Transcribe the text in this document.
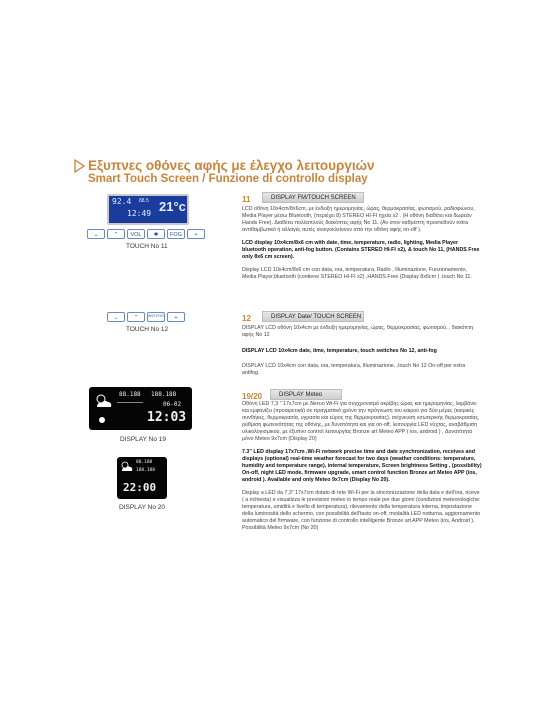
Εξυπνες οθόνες αφής με έλεγχο λειτουργιών
Smart Touch Screen / Funzione di controllo display
92.4 88.5
12:49 21°c
⌄	⌃	VOL	✱	FOG	+
TOUCH No 11
11	DISPLAY FM/TOUCH SCREEN
LCD οθόνη 10x4cm/8x6cm, με ένδειξη ημερομηνίας, ώρας, θερμοκρασίας, φωτισμού, ραδιοφώνου, Media Player μέσω Bluetooth, (περιέχει 8) STEREO HI-FI ηχεία x2 . (Η οθόνη διαθέτει και δωρεάν Hands Free). Διαθέτει πολλαπλούς διακόπτες αφής Νο 11. (Αν στον καθρέπτη προστεθούν extra αντιθαμβωτικό ή αλλαγές αυτές ανοιγοκλείνουν από την οθόνη αφής on-off ).
LCD display 10x4cm/8x6 cm with date, time, temperature, radio, lighting, Media Player bluetooth operation, anti-fog button. (Contains STEREO HI-FI x2), & touch No 11, (HANDS Free only 8x6 cm screen).
Display LCD 10x4cm/8x6 cm con data, ora, temperatura, Radio , Illuminazione, Funzionamento, Media Player,bluetooth (contiene STEREO HI-FI x2) ,HANDS Free (Display 8x6cm ) .touch No 11.
⌄	⌃	ANT-FOG	+
TOUCH No 12
12	DISPLAY Date/ TOUCH SCREEN
DISPLAY LCD οθόνη 10x4cm με ένδειξη ημερομηνίας, ώρας, θερμοκρασίας, φωτισμού, , διακόπτη αφής Νο 12
DISPLAY LCD 10x4cm date, time, temperature, touch switches No 12, anti-fog
DISPLAY LCD 10x4cm con data, ora, temperatura, Illuminazione, ,touch No 12 On-off per extra antifog.
88.188 188.188
06-02
12:03
DISPLAY No 19
88.188
188.188
22:00
DISPLAY No 20
19/20	DISPLAY Meteo
Οθόνη LED 7,3 " 17x7cm με δίκτυο Wi-Fi για συγχρονισμό ακρίβής ώρας και ημερομηνίας, λαμβάνει και εμφανίζει (προαιρετικά) σε πραγματικό χρόνο την πρόγνωση του καιρού για δύο μέρες (καιρικές συνθήκες, θερμοκρασία, υγρασία και εύρος της θερμοκρασίας), ανίχνευση εσωτερικής θερμοκρασίας, ρύθμιση φωτεινότητας της οθόνης, με δυνατότητα και για on-off, λειτουργία LED νύχτας, αναβάθμιση υλικολογισμικού, με έξυπνο control λειτουργίας Bronze art Meteo APP ( ios, android ) , Δυνατότητα μόνο Meteo 9x7cm (Display 20)
7.3" LED display 17x7cm ,Wi-Fi network precise time and date synchronization, receives and displays (optional) real-time weather forecast for two days (weather conditions: temperature, humidity and temperature range), internal temperature, Screen brightness Setting , (possibility) On-off, night LED mode, firmware upgrade, smart control function Bronze art Meteo APP (ios, android ). Available and only Meteo 9x7cm (Display No 20).
Display a LED da 7,3" 17x7cm dotato di rete Wi-Fi per la sincronizzazione della data e dell'ora, riceve ( a richiesta) e visualizza le previsioni meteo in tempo reale per due giorni (condizioni meteorologiche: temperatura, umidità e livello di temperatura), rilevamento della temperatura interna, impostazione della luminosità dello schermo, con possibilità dell'tasto on-off, modalità LED notturna, aggiornamento automatico del firmware, con funzione di controllo intelligente Bronze art APP Meteo (ios, Android ). Possibilità Meteo 9x7cm (No 20)
